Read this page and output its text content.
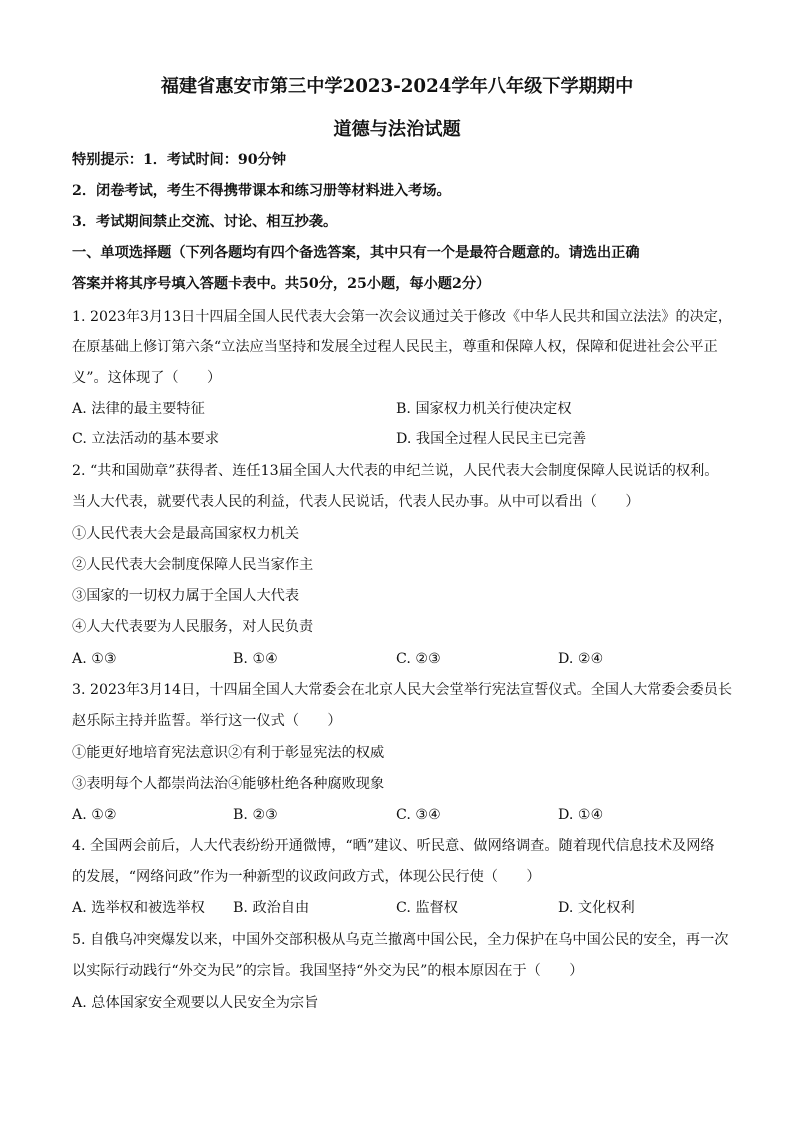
福建省惠安市第三中学2023-2024学年八年级下学期期中
道德与法治试题
特别提示：1．考试时间：90分钟
2．闭卷考试，考生不得携带课本和练习册等材料进入考场。
3．考试期间禁止交流、讨论、相互抄袭。
一、单项选择题（下列各题均有四个备选答案，其中只有一个是最符合题意的。请选出正确
答案并将其序号填入答题卡表中。共50分，25小题，每小题2分）
1. 2023年3月13日十四届全国人民代表大会第一次会议通过关于修改《中华人民共和国立法法》的决定，
在原基础上修订第六条“立法应当坚持和发展全过程人民民主，尊重和保障人权，保障和促进社会公平正
义”。这体现了（　　）
A. 法律的最主要特征	B. 国家权力机关行使决定权
C. 立法活动的基本要求	D. 我国全过程人民民主已完善
2. “共和国勋章”获得者、连任13届全国人大代表的申纪兰说，人民代表大会制度保障人民说话的权利。
当人大代表，就要代表人民的利益，代表人民说话，代表人民办事。从中可以看出（　　）
①人民代表大会是最高国家权力机关
②人民代表大会制度保障人民当家作主
③国家的一切权力属于全国人大代表
④人大代表要为人民服务，对人民负责
A. ①③	B. ①④	C. ②③	D. ②④
3. 2023年3月14日，十四届全国人大常委会在北京人民大会堂举行宪法宣誓仪式。全国人大常委会委员长
赵乐际主持并监誓。举行这一仪式（　　）
①能更好地培育宪法意识②有利于彰显宪法的权威
③表明每个人都崇尚法治④能够杜绝各种腐败现象
A. ①②	B. ②③	C. ③④	D. ①④
4. 全国两会前后，人大代表纷纷开通微博，“晒”建议、听民意、做网络调查。随着现代信息技术及网络
的发展，“网络问政”作为一种新型的议政问政方式，体现公民行使（　　）
A. 选举权和被选举权 B. 政治自由	C. 监督权	D. 文化权利
5. 自俄乌冲突爆发以来，中国外交部积极从乌克兰撤离中国公民，全力保护在乌中国公民的安全，再一次
以实际行动践行“外交为民”的宗旨。我国坚持“外交为民”的根本原因在于（　　）
A. 总体国家安全观要以人民安全为宗旨
